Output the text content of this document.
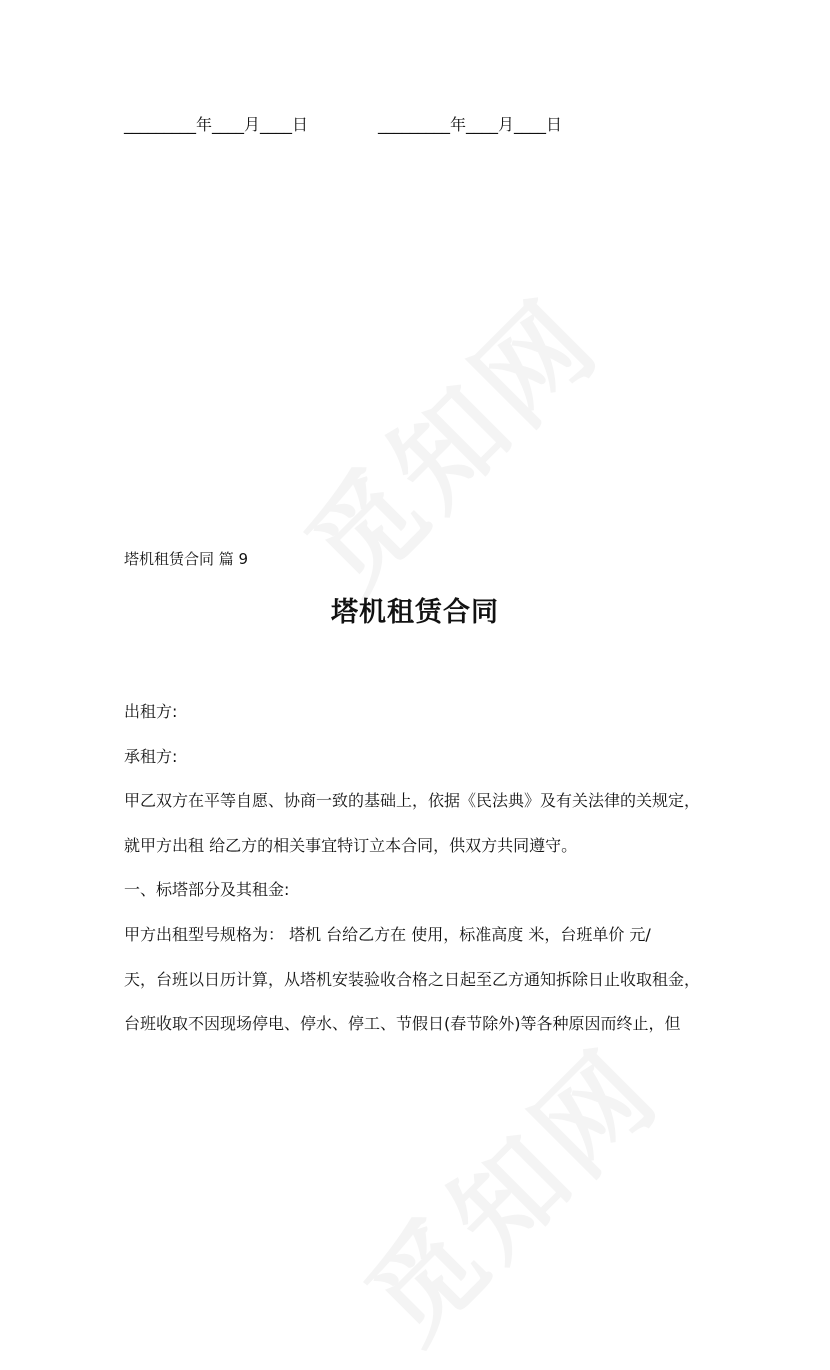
_________年____月____日	_________年____月____日
塔机租赁合同 篇 9
塔机租赁合同
出租方:
承租方:
甲乙双方在平等自愿、协商一致的基础上，依据《民法典》及有关法律的关规定，
就甲方出租 给乙方的相关事宜特订立本合同，供双方共同遵守。
一、标塔部分及其租金:
甲方出租型号规格为： 塔机 台给乙方在 使用，标准高度 米，台班单价 元/
天，台班以日历计算，从塔机安装验收合格之日起至乙方通知拆除日止收取租金，
台班收取不因现场停电、停水、停工、节假日(春节除外)等各种原因而终止，但
